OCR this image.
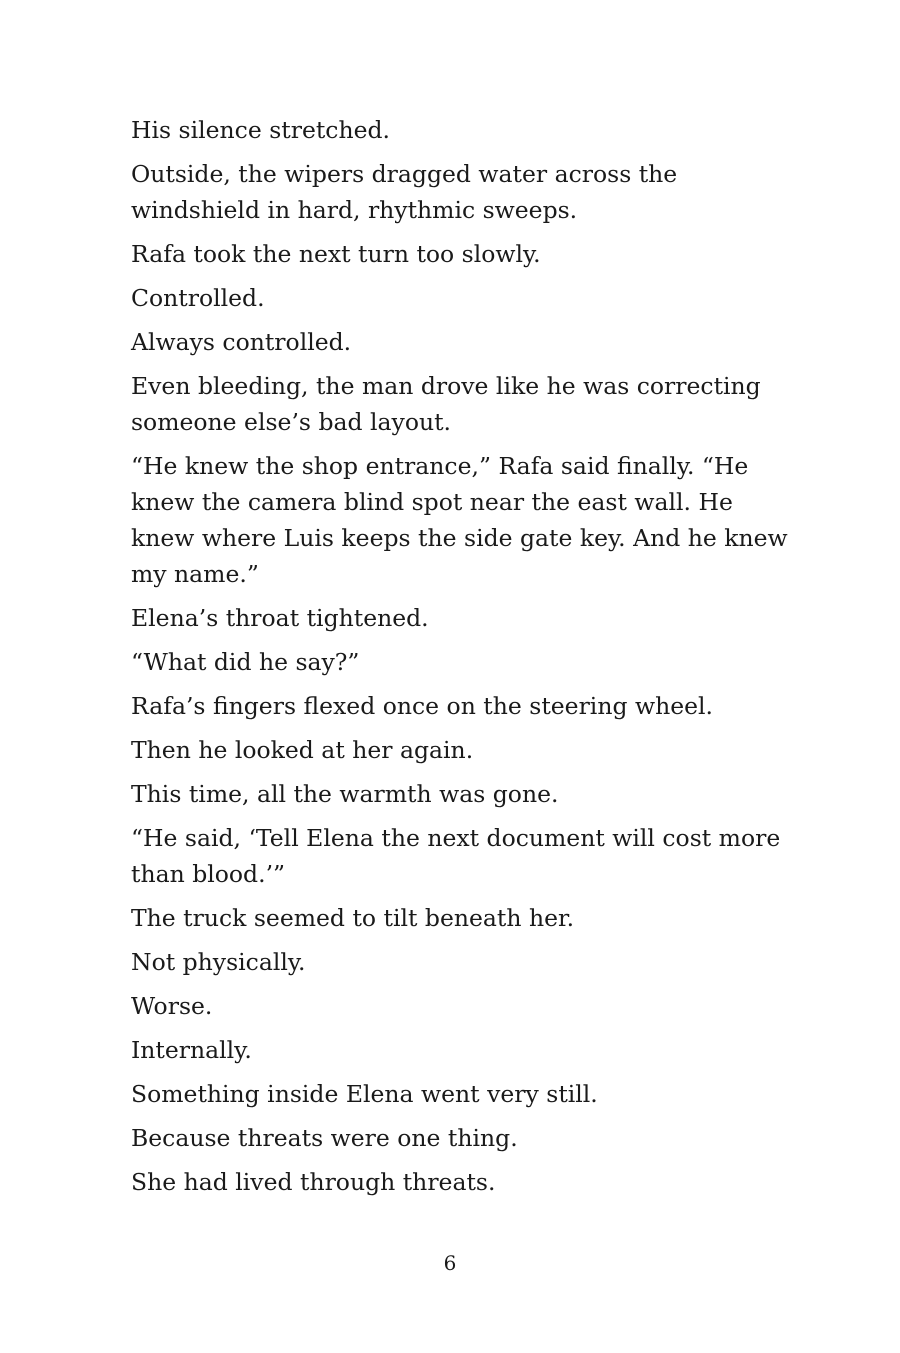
His silence stretched.

Outside, the wipers dragged water across the windshield in hard, rhythmic sweeps.

Rafa took the next turn too slowly.

Controlled.

Always controlled.

Even bleeding, the man drove like he was correcting someone else’s bad layout.

“He knew the shop entrance,” Rafa said finally. “He knew the camera blind spot near the east wall. He knew where Luis keeps the side gate key. And he knew my name.”

Elena’s throat tightened.

“What did he say?”

Rafa’s fingers flexed once on the steering wheel.

Then he looked at her again.

This time, all the warmth was gone.

“He said, ‘Tell Elena the next document will cost more than blood.’”

The truck seemed to tilt beneath her.

Not physically.

Worse.

Internally.

Something inside Elena went very still.

Because threats were one thing.

She had lived through threats.

6
